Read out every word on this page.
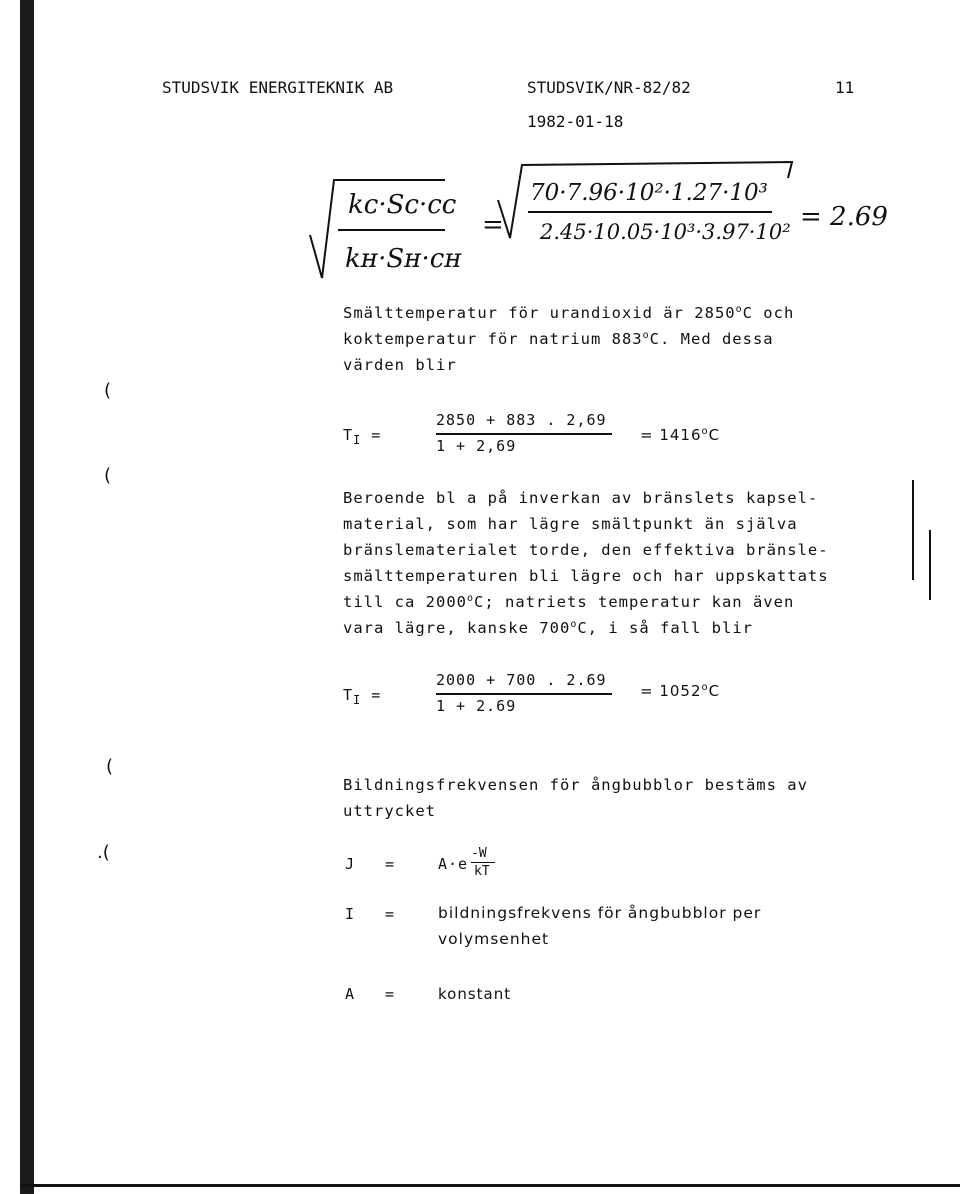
STUDSVIK ENERGITEKNIK AB	STUDSVIK/NR-82/82	11
1982-01-18
kᴄ·Sᴄ·cᴄ
kʜ·Sʜ·cʜ
=
70·7.96·10²·1.27·10³
2.45·10.05·10³·3.97·10² = 2.69
Smälttemperatur för urandioxid är 2850$^o$C och
koktemperatur för natrium 883$^o$C. Med dessa
värden blir
$T_I$ =
2850 + 883 . 2,69
1 + 2,69
= $1416^oC$
Beroende bl a på inverkan av bränslets kapsel-
material, som har lägre smältpunkt än själva
bränslematerialet torde, den effektiva bränsle-
smälttemperaturen bli lägre och har uppskattats
till ca 2000$^o$C; natriets temperatur kan även
vara lägre, kanske 700$^o$C, i så fall blir
$T_I$ =
2000 + 700 . 2.69
1 + 2.69
= $1052^oC$
Bildningsfrekvensen för ångbubblor bestäms av
uttrycket
J =	A·e
-W
kT
I =	bildningsfrekvens för ångbubblor per
volymsenhet
A =	konstant
(
(
(
.(
